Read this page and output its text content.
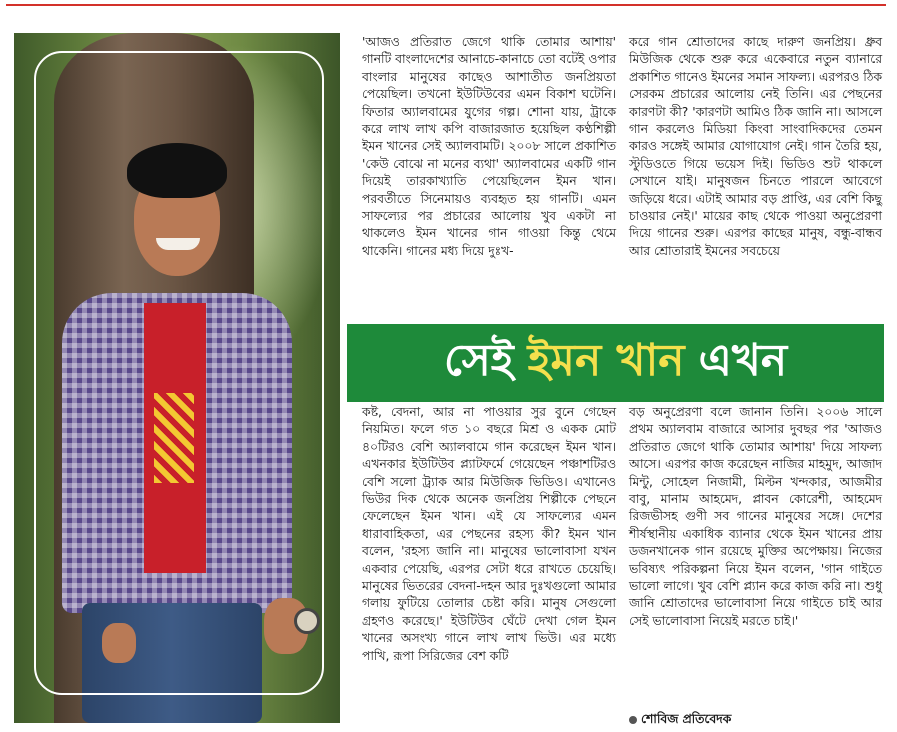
'আজও প্রতিরাত জেগে থাকি তোমার আশায়' গানটি বাংলাদেশের আনাচে-কানাচে তো বটেই ওপার বাংলার মানুষের কাছেও আশাতীত জনপ্রিয়তা পেয়েছিল। তখনো ইউটিউবের এমন বিকাশ ঘটেনি। ফিতার অ্যালবামের যুগের গল্প। শোনা যায়, ট্রাকে করে লাখ লাখ কপি বাজারজাত হয়েছিল কণ্ঠশিল্পী ইমন খানের সেই অ্যালবামটি। ২০০৮ সালে প্রকাশিত 'কেউ বোঝে না মনের ব্যথা' অ্যালবামের একটি গান দিয়েই তারকাখ্যাতি পেয়েছিলেন ইমন খান। পরবর্তীতে সিনেমায়ও ব্যবহৃত হয় গানটি। এমন সাফল্যের পর প্রচারের আলোয় খুব একটা না থাকলেও ইমন খানের গান গাওয়া কিন্তু থেমে থাকেনি। গানের মধ্য দিয়ে দুঃখ-

করে গান শ্রোতাদের কাছে দারুণ জনপ্রিয়। ধ্রুব মিউজিক থেকে শুরু করে একেবারে নতুন ব্যানারে প্রকাশিত গানেও ইমনের সমান সাফল্য। এরপরও ঠিক সেরকম প্রচারের আলোয় নেই তিনি। এর পেছনের কারণটা কী? 'কারণটা আমিও ঠিক জানি না। আসলে গান করলেও মিডিয়া কিংবা সাংবাদিকদের তেমন কারও সঙ্গেই আমার যোগাযোগ নেই। গান তৈরি হয়, স্টুডিওতে গিয়ে ভয়েস দিই। ভিডিও শুট থাকলে সেখানে যাই। মানুষজন চিনতে পারলে আবেগে জড়িয়ে ধরে। এটাই আমার বড় প্রাপ্তি, এর বেশি কিছু চাওয়ার নেই।' মায়ের কাছ থেকে পাওয়া অনুপ্রেরণা দিয়ে গানের শুরু। এরপর কাছের মানুষ, বন্ধু-বান্ধব আর শ্রোতারাই ইমনের সবচেয়ে

সেই ইমন খান এখন

কষ্ট, বেদনা, আর না পাওয়ার সুর বুনে গেছেন নিয়মিত। ফলে গত ১০ বছরে মিশ্র ও একক মোট ৪০টিরও বেশি অ্যালবামে গান করেছেন ইমন খান। এখনকার ইউটিউব প্ল্যাটফর্মে গেয়েছেন পঞ্চাশটিরও বেশি সলো ট্র্যাক আর মিউজিক ভিডিও। এখানেও ভিউর দিক থেকে অনেক জনপ্রিয় শিল্পীকে পেছনে ফেলেছেন ইমন খান। এই যে সাফল্যের এমন ধারাবাহিকতা, এর পেছনের রহস্য কী? ইমন খান বলেন, 'রহস্য জানি না। মানুষের ভালোবাসা যখন একবার পেয়েছি, এরপর সেটা ধরে রাখতে চেয়েছি। মানুষের ভিতরের বেদনা-দহন আর দুঃখগুলো আমার গলায় ফুটিয়ে তোলার চেষ্টা করি। মানুষ সেগুলো গ্রহণও করেছে।' ইউটিউব ঘেঁটে দেখা গেল ইমন খানের অসংখ্য গানে লাখ লাখ ভিউ। এর মধ্যে পাখি, রূপা সিরিজের বেশ কটি

বড় অনুপ্রেরণা বলে জানান তিনি। ২০০৬ সালে প্রথম অ্যালবাম বাজারে আসার দুবছর পর 'আজও প্রতিরাত জেগে থাকি তোমার আশায়' দিয়ে সাফল্য আসে। এরপর কাজ করেছেন নাজির মাহমুদ, আজাদ মিন্টু, সোহেল নিজামী, মিল্টন খন্দকার, আজমীর বাবু, মানাম আহমেদ, প্লাবন কোরেশী, আহমেদ রিজভীসহ গুণী সব গানের মানুষের সঙ্গে। দেশের শীর্ষস্থানীয় একাধিক ব্যানার থেকে ইমন খানের প্রায় ডজনখানেক গান রয়েছে মুক্তির অপেক্ষায়। নিজের ভবিষ্যৎ পরিকল্পনা নিয়ে ইমন বলেন, 'গান গাইতে ভালো লাগে। খুব বেশি প্ল্যান করে কাজ করি না। শুধু জানি শ্রোতাদের ভালোবাসা নিয়ে গাইতে চাই আর সেই ভালোবাসা নিয়েই মরতে চাই।'

শোবিজ প্রতিবেদক
